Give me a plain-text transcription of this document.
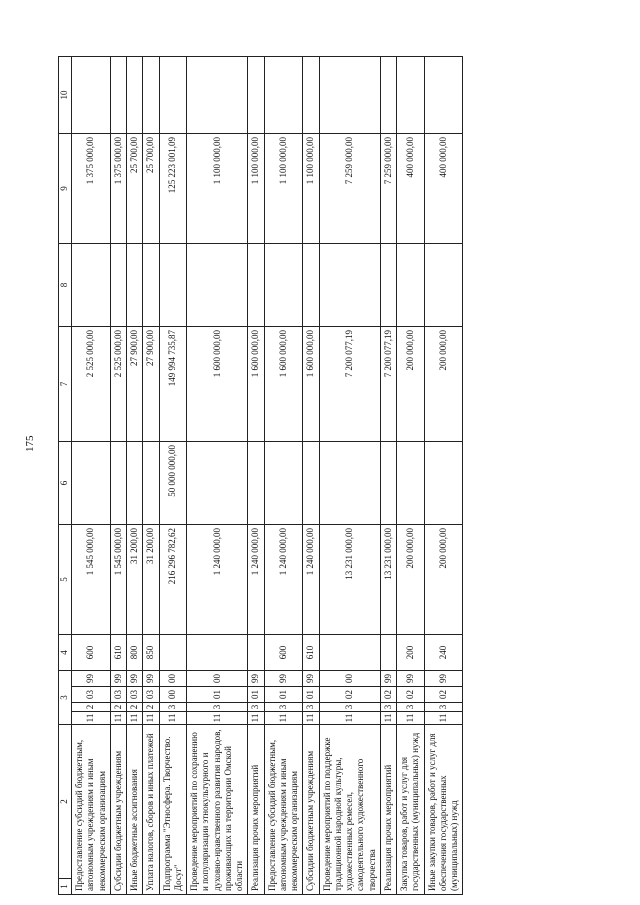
175
1	2	3				4	5	6	7	8	9	10
Предоставление субсидий бюджетным, автономным учреждениям и иным некоммерческим организациям		11	2	03	99	600	1 545 000,00		2 525 000,00		1 375 000,00	
Субсидии бюджетным учреждениям		11	2	03	99	610	1 545 000,00		2 525 000,00		1 375 000,00	
Иные бюджетные ассигнования		11	2	03	99	800	31 200,00		27 900,00		25 700,00	
Уплата налогов, сборов и иных платежей		11	2	03	99	850	31 200,00		27 900,00		25 700,00	
Подпрограмма "Этносфера. Творчество. Досуг"		11	3	00	00		216 296 782,62	50 000 000,00	149 994 735,87		125 223 001,09	
Проведение мероприятий по сохранению и популяризации этнокультурного и духовно-нравственного развития народов, проживающих на территории Омской области		11	3	01	00		1 240 000,00		1 600 000,00		1 100 000,00	
Реализация прочих мероприятий		11	3	01	99		1 240 000,00		1 600 000,00		1 100 000,00	
Предоставление субсидий бюджетным, автономным учреждениям и иным некоммерческим организациям		11	3	01	99	600	1 240 000,00		1 600 000,00		1 100 000,00	
Субсидии бюджетным учреждениям		11	3	01	99	610	1 240 000,00		1 600 000,00		1 100 000,00	
Проведение мероприятий по поддержке традиционной народной культуры, художественных ремесел, самодеятельного художественного творчества		11	3	02	00		13 231 000,00		7 200 077,19		7 259 000,00	
Реализация прочих мероприятий		11	3	02	99		13 231 000,00		7 200 077,19		7 259 000,00	
Закупка товаров, работ и услуг для государственных (муниципальных) нужд		11	3	02	99	200	200 000,00		200 000,00		400 000,00	
Иные закупки товаров, работ и услуг для обеспечения государственных (муниципальных) нужд		11	3	02	99	240	200 000,00		200 000,00		400 000,00	
